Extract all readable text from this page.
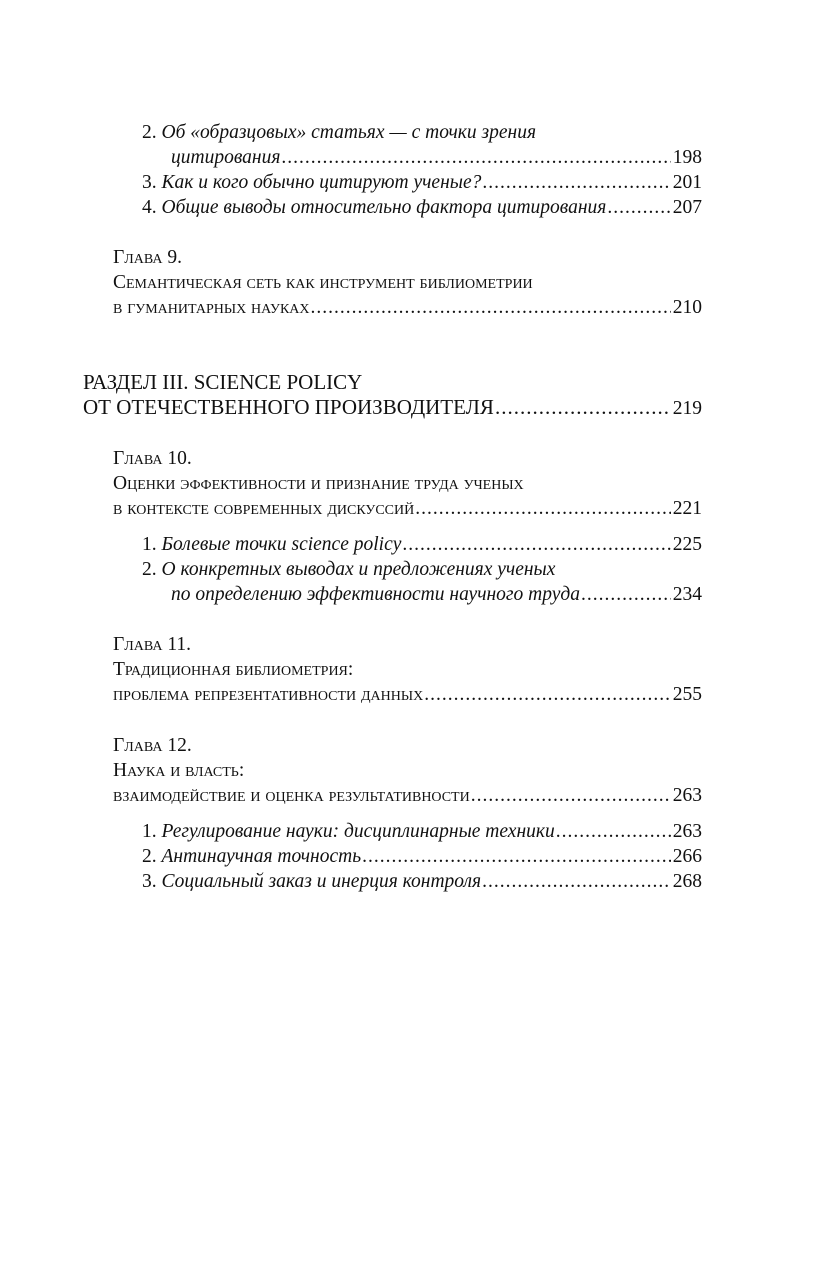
2.
Об «образцовых» статьях — с точки зрения
цитирования .....	198
3.
Как и кого обычно цитируют ученые? .....	201
4.
Общие выводы относительно фактора цитирования .....	207
Глава 9.
Семантическая сеть как инструмент библиометрии
в гуманитарных науках .....	210
РАЗДЕЛ III. SCIENCE POLICY
ОТ ОТЕЧЕСТВЕННОГО ПРОИЗВОДИТЕЛЯ .....	219
Глава 10.
Оценки эффективности и признание труда ученых
в контексте современных дискуссий .....	221
1.
Болевые точки science policy .....	225
2.
О конкретных выводах и предложениях ученых
по определению эффективности научного труда .....	234
Глава 11.
Традиционная библиометрия:
проблема репрезентативности данных .....	255
Глава 12.
Наука и власть:
взаимодействие и оценка результативности .....	263
1.
Регулирование науки: дисциплинарные техники .....	263
2.
Антинаучная точность .....	266
3.
Социальный заказ и инерция контроля .....	268
